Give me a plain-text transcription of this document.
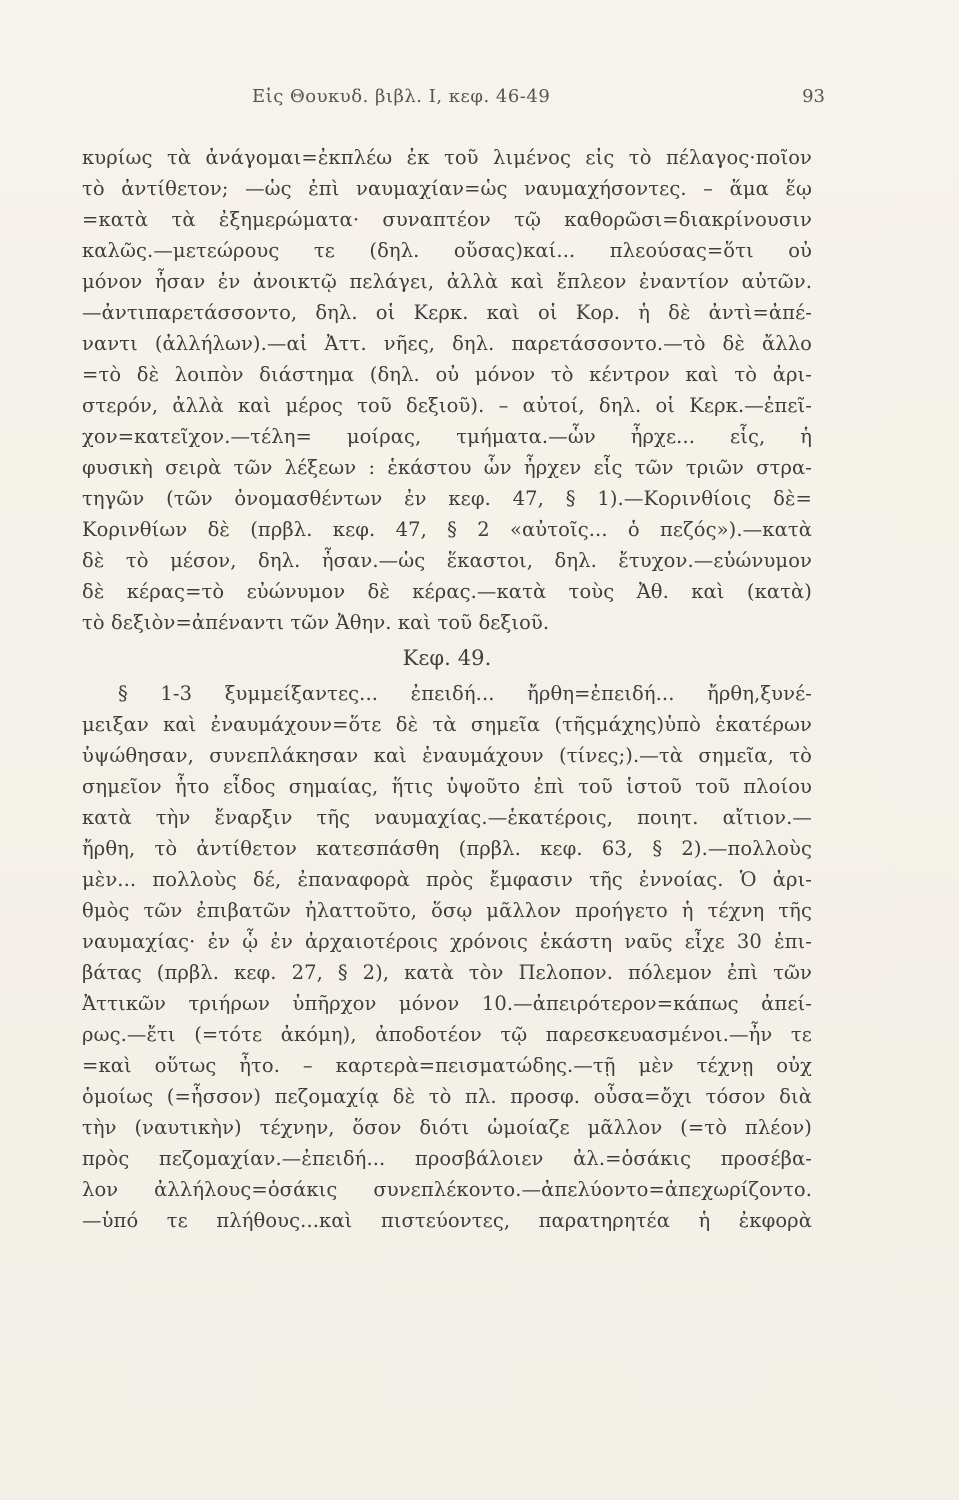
Εἰς Θουκυδ. βιβλ. Ι, κεφ. 46-49	93
κυρίως τὰ ἀνάγομαι=ἐκπλέω ἐκ τοῦ λιμένος εἰς τὸ πέλαγος·ποῖον
τὸ ἀντίθετον; —ὡς ἐπὶ ναυμαχίαν=ὡς ναυμαχήσοντες. – ἅμα ἕῳ
=κατὰ τὰ ἐξημερώματα· συναπτέον τῷ καθορῶσι=διακρίνουσιν
καλῶς.—μετεώρους τε (δηλ. οὔσας)καί... πλεούσας=ὅτι οὐ
μόνον ἦσαν ἐν ἀνοικτῷ πελάγει, ἀλλὰ καὶ ἔπλεον ἐναντίον αὐτῶν.
—ἀντιπαρετάσσοντο, δηλ. οἱ Κερκ. καὶ οἱ Κορ. ἡ δὲ ἀντὶ=ἀπέ-
ναντι (ἀλλήλων).—αἱ Ἀττ. νῆες, δηλ. παρετάσσοντο.—τὸ δὲ ἄλλο
=τὸ δὲ λοιπὸν διάστημα (δηλ. οὐ μόνον τὸ κέντρον καὶ τὸ ἀρι-
στερόν, ἀλλὰ καὶ μέρος τοῦ δεξιοῦ). – αὐτοί, δηλ. οἱ Κερκ.—ἐπεῖ-
χον=κατεῖχον.—τέλη= μοίρας, τμήματα.—ὧν ἦρχε... εἷς, ἡ
φυσικὴ σειρὰ τῶν λέξεων : ἑκάστου ὧν ἦρχεν εἷς τῶν τριῶν στρα-
τηγῶν (τῶν ὀνομασθέντων ἐν κεφ. 47, § 1).—Κορινθίοις δὲ=
Κορινθίων δὲ (πρβλ. κεφ. 47, § 2 «αὐτοῖς... ὁ πεζός»).—κατὰ
δὲ τὸ μέσον, δηλ. ἦσαν.—ὡς ἕκαστοι, δηλ. ἔτυχον.—εὐώνυμον
δὲ κέρας=τὸ εὐώνυμον δὲ κέρας.—κατὰ τοὺς Ἀθ. καὶ (κατὰ)
τὸ δεξιὸν=ἀπέναντι τῶν Ἀθην. καὶ τοῦ δεξιοῦ.
Κεφ. 49.
§ 1-3 ξυμμείξαντες... ἐπειδή... ἤρθη=ἐπειδή... ἤρθη,ξυνέ-
μειξαν καὶ ἐναυμάχουν=ὅτε δὲ τὰ σημεῖα (τῆςμάχης)ὑπὸ ἑκατέρων
ὑψώθησαν, συνεπλάκησαν καὶ ἐναυμάχουν (τίνες;).—τὰ σημεῖα, τὸ
σημεῖον ἦτο εἶδος σημαίας, ἥτις ὑψοῦτο ἐπὶ τοῦ ἱστοῦ τοῦ πλοίου
κατὰ τὴν ἔναρξιν τῆς ναυμαχίας.—ἑκατέροις, ποιητ. αἴτιον.—
ἤρθη, τὸ ἀντίθετον κατεσπάσθη (πρβλ. κεφ. 63, § 2).—πολλοὺς
μὲν... πολλοὺς δέ, ἐπαναφορὰ πρὸς ἔμφασιν τῆς ἐννοίας. Ὁ ἀρι-
θμὸς τῶν ἐπιβατῶν ἠλαττοῦτο, ὅσῳ μᾶλλον προήγετο ἡ τέχνη τῆς
ναυμαχίας· ἐν ᾧ ἐν ἀρχαιοτέροις χρόνοις ἑκάστη ναῦς εἶχε 30 ἐπι-
βάτας (πρβλ. κεφ. 27, § 2), κατὰ τὸν Πελοπον. πόλεμον ἐπὶ τῶν
Ἀττικῶν τριήρων ὑπῆρχον μόνον 10.—ἀπειρότερον=κάπως ἀπεί-
ρως.—ἔτι (=τότε ἀκόμη), ἀποδοτέον τῷ παρεσκευασμένοι.—ἦν τε
=καὶ οὕτως ἦτο. – καρτερὰ=πεισματώδης.—τῇ μὲν τέχνῃ οὐχ
ὁμοίως (=ἧσσον) πεζομαχίᾳ δὲ τὸ πλ. προσφ. οὖσα=ὄχι τόσον διὰ
τὴν (ναυτικὴν) τέχνην, ὅσον διότι ὡμοίαζε μᾶλλον (=τὸ πλέον)
πρὸς πεζομαχίαν.—ἐπειδή... προσβάλοιεν ἀλ.=ὁσάκις προσέβα-
λον ἀλλήλους=ὁσάκις συνεπλέκοντο.—ἀπελύοντο=ἀπεχωρίζοντο.
—ὑπό τε πλήθους...καὶ πιστεύοντες, παρατηρητέα ἡ ἐκφορὰ
